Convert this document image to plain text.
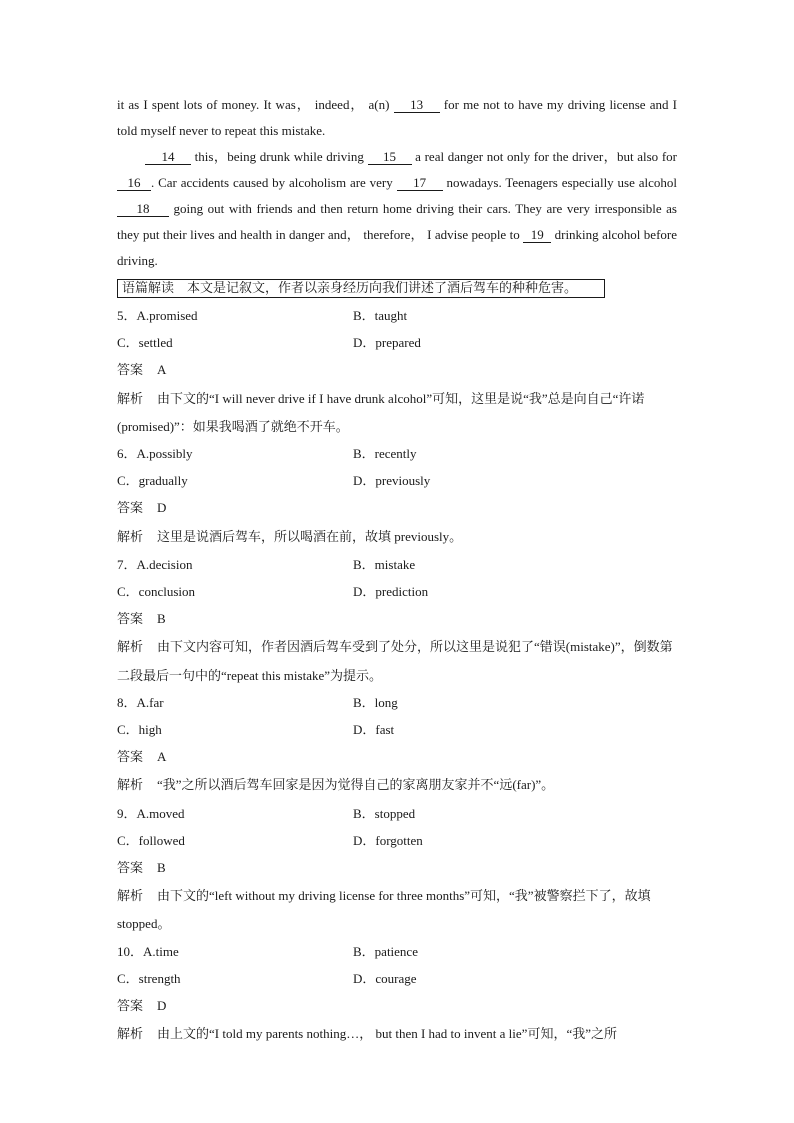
it as I spent lots of money. It was， indeed， a(n) 13 for me not to have my driving license and I told myself never to repeat this mistake.

14 this，being drunk while driving 15 a real danger not only for the driver，but also for 16 . Car accidents caused by alcoholism are very 17 nowadays. Teenagers especially use alcohol 18 going out with friends and then return home driving their cars. They are very irresponsible as they put their lives and health in danger and， therefore， I advise people to 19 drinking alcohol before driving.

语篇解读　本文是记叙文，作者以亲身经历向我们讲述了酒后驾车的种种危害。
5．A.promised	B．taught
C．settled	D．prepared

答案 A

解析 由下文的“I will never drive if I have drunk alcohol”可知，这里是说“我”总是向自己“许诺(promised)”：如果我喝酒了就绝不开车。

6．A.possibly	B．recently
C．gradually	D．previously

答案 D

解析 这里是说酒后驾车，所以喝酒在前，故填 previously。

7．A.decision	B．mistake
C．conclusion	D．prediction

答案 B

解析 由下文内容可知，作者因酒后驾车受到了处分，所以这里是说犯了“错误(mistake)”，倒数第二段最后一句中的“repeat this mistake”为提示。

8．A.far	B．long
C．high	D．fast

答案 A

解析 “我”之所以酒后驾车回家是因为觉得自己的家离朋友家并不“远(far)”。

9．A.moved	B．stopped
C．followed	D．forgotten

答案 B

解析 由下文的“left without my driving license for three months”可知，“我”被警察拦下了，故填 stopped。

10．A.time	B．patience
C．strength	D．courage

答案 D

解析 由上文的“I told my parents nothing…， but then I had to invent a lie”可知，“我”之所
